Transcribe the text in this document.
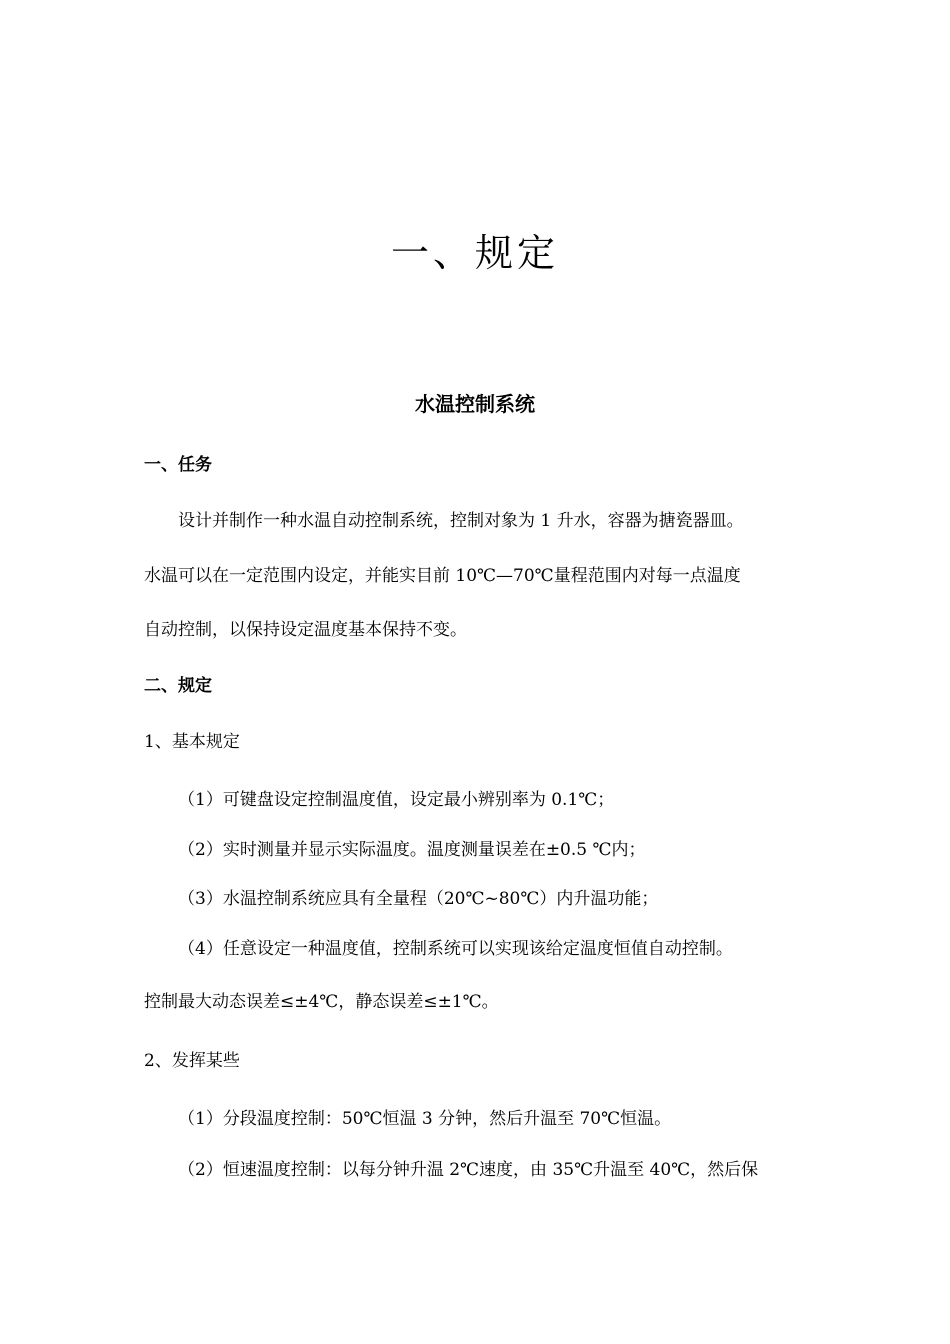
一、规定
水温控制系统
一、任务
设计并制作一种水温自动控制系统，控制对象为 1 升水，容器为搪瓷器皿。
水温可以在一定范围内设定，并能实目前 10℃—70℃量程范围内对每一点温度
自动控制，以保持设定温度基本保持不变。
二、规定
1、基本规定
（1）可键盘设定控制温度值，设定最小辨别率为 0.1℃；
（2）实时测量并显示实际温度。温度测量误差在±0.5 ℃内；
（3）水温控制系统应具有全量程（20℃~80℃）内升温功能；
（4）任意设定一种温度值，控制系统可以实现该给定温度恒值自动控制。
控制最大动态误差≤±4℃，静态误差≤±1℃。
2、发挥某些
（1）分段温度控制：50℃恒温 3 分钟，然后升温至 70℃恒温。
（2）恒速温度控制：以每分钟升温 2℃速度，由 35℃升温至 40℃，然后保
